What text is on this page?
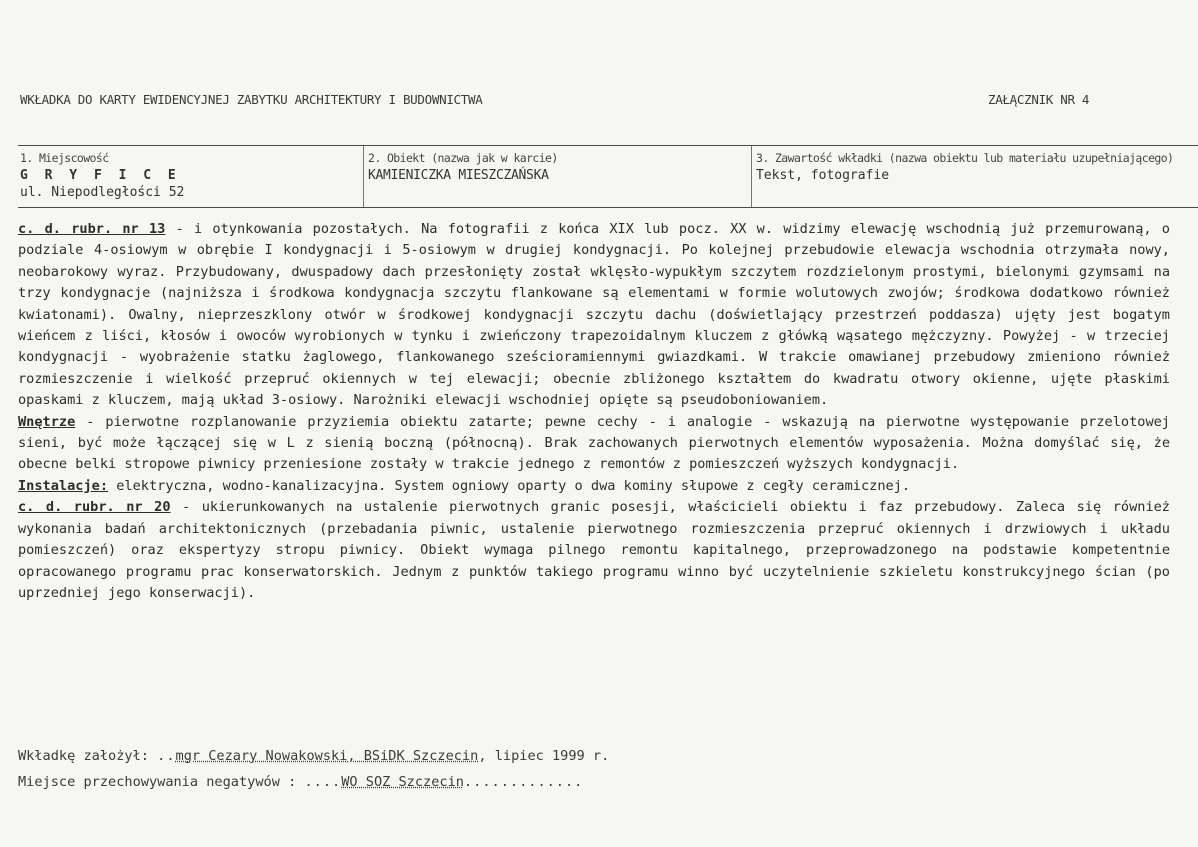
WKŁADKA DO KARTY EWIDENCYJNEJ ZABYTKU ARCHITEKTURY I BUDOWNICTWA	ZAŁĄCZNIK NR 4
1. Miejscowość
G R Y F I C E
ul. Niepodległości 52
2. Obiekt (nazwa jak w karcie)
KAMIENICZKA MIESZCZAŃSKA
3. Zawartość wkładki (nazwa obiektu lub materiału uzupełniającego)
Tekst, fotografie

c. d. rubr. nr 13 - i otynkowania pozostałych. Na fotografii z końca XIX lub pocz. XX w. widzimy elewację wschodnią już przemurowaną, o podziale 4-osiowym w obrębie I kondygnacji i 5-osiowym w drugiej kondygnacji. Po kolejnej przebudowie elewacja wschodnia otrzymała nowy, neobarokowy wyraz. Przybudowany, dwuspadowy dach przesłonięty został wklęsło-wypukłym szczytem rozdzielonym prostymi, bielonymi gzymsami na trzy kondygnacje (najniższa i środkowa kondygnacja szczytu flankowane są elementami w formie wolutowych zwojów; środkowa dodatkowo również kwiatonami). Owalny, nieprzeszklony otwór w środkowej kondygnacji szczytu dachu (doświetlający przestrzeń poddasza) ujęty jest bogatym wieńcem z liści, kłosów i owoców wyrobionych w tynku i zwieńczony trapezoidalnym kluczem z główką wąsatego mężczyzny. Powyżej - w trzeciej kondygnacji - wyobrażenie statku żaglowego, flankowanego sześcioramiennymi gwiazdkami. W trakcie omawianej przebudowy zmieniono również rozmieszczenie i wielkość przepruć okiennych w tej elewacji; obecnie zbliżonego kształtem do kwadratu otwory okienne, ujęte płaskimi opaskami z kluczem, mają układ 3-osiowy. Narożniki elewacji wschodniej opięte są pseudoboniowaniem.

Wnętrze - pierwotne rozplanowanie przyziemia obiektu zatarte; pewne cechy - i analogie - wskazują na pierwotne występowanie przelotowej sieni, być może łączącej się w L z sienią boczną (północną). Brak zachowanych pierwotnych elementów wyposażenia. Można domyślać się, że obecne belki stropowe piwnicy przeniesione zostały w trakcie jednego z remontów z pomieszczeń wyższych kondygnacji.

Instalacje: elektryczna, wodno-kanalizacyjna. System ogniowy oparty o dwa kominy słupowe z cegły ceramicznej.

c. d. rubr. nr 20 - ukierunkowanych na ustalenie pierwotnych granic posesji, właścicieli obiektu i faz przebudowy. Zaleca się również wykonania badań architektonicznych (przebadania piwnic, ustalenie pierwotnego rozmieszczenia przepruć okiennych i drzwiowych i układu pomieszczeń) oraz ekspertyzy stropu piwnicy. Obiekt wymaga pilnego remontu kapitalnego, przeprowadzonego na podstawie kompetentnie opracowanego programu prac konserwatorskich. Jednym z punktów takiego programu winno być uczytelnienie szkieletu konstrukcyjnego ścian (po uprzedniej jego konserwacji).

Wkładkę założył: ..mgr Cezary Nowakowski, BSiDK Szczecin, lipiec 1999 r.
Miejsce przechowywania negatywów : ....WO SOZ Szczecin.............
